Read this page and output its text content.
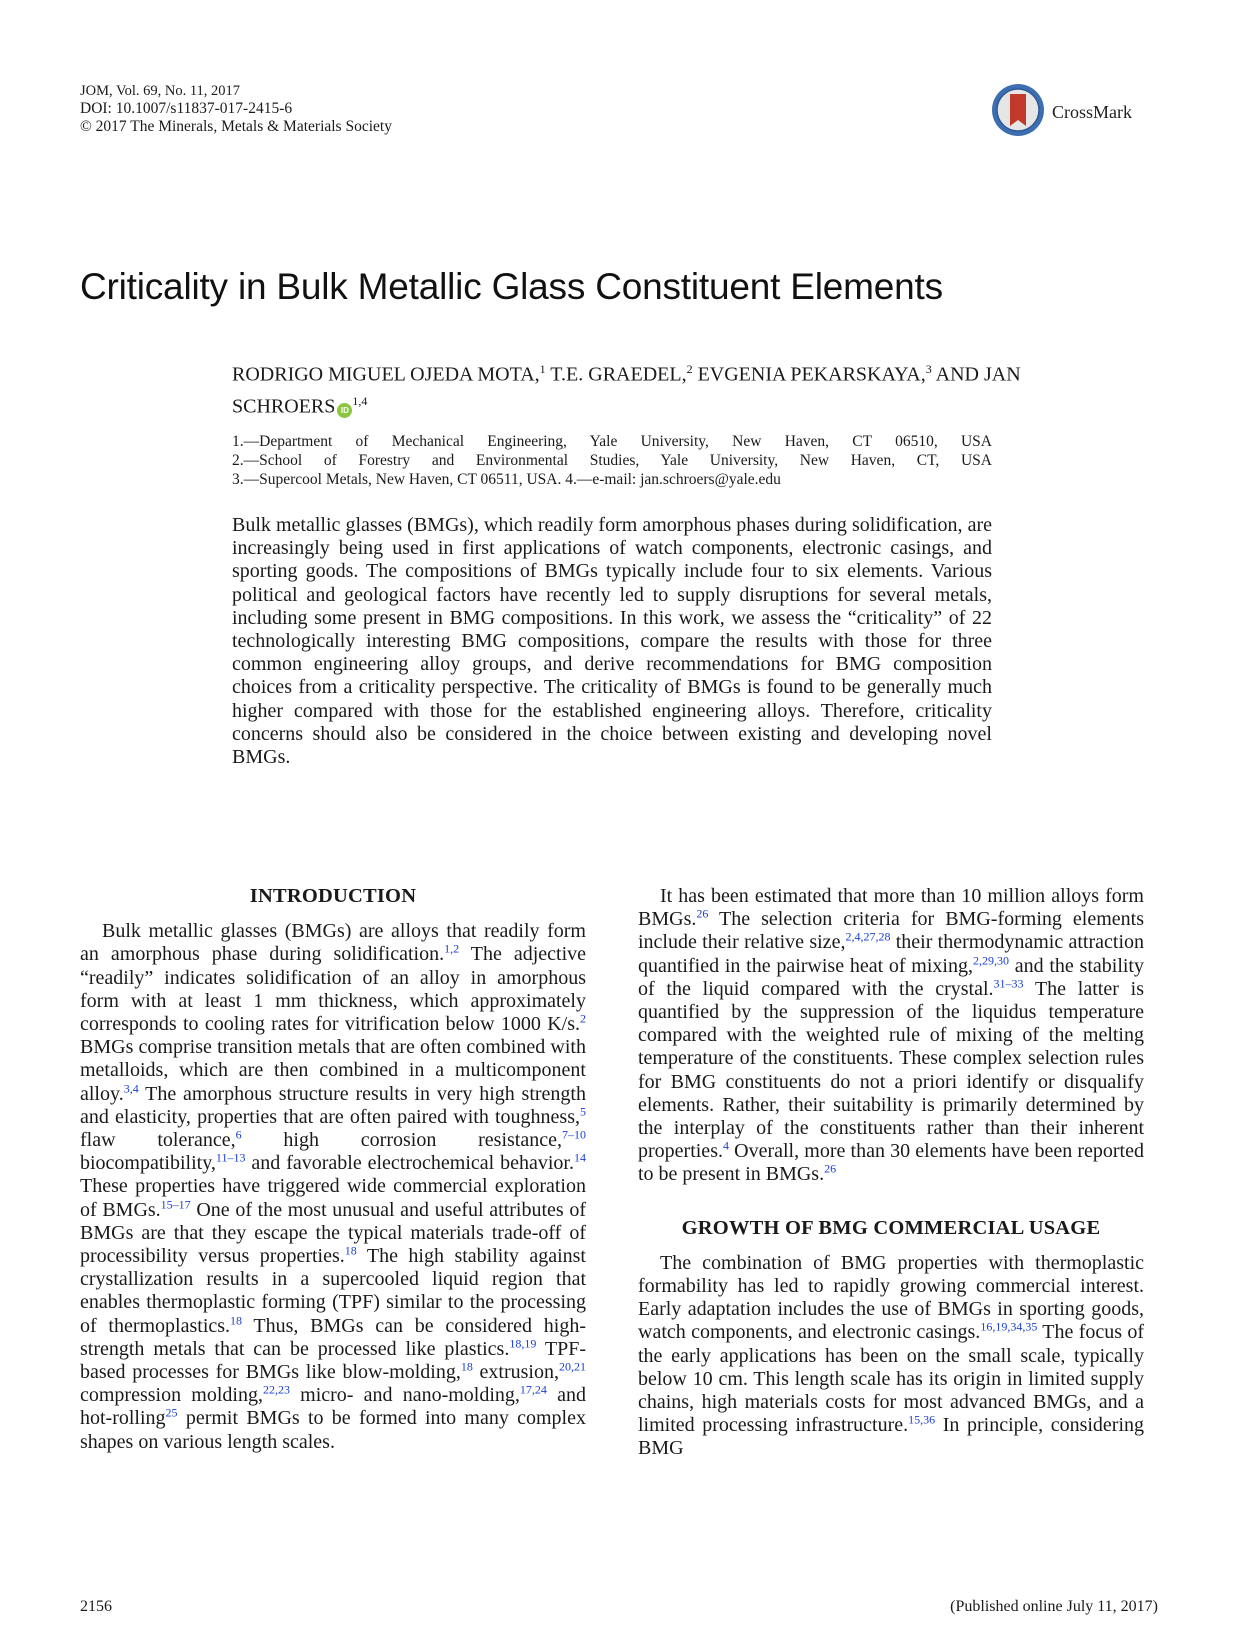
JOM, Vol. 69, No. 11, 2017
DOI: 10.1007/s11837-017-2415-6
© 2017 The Minerals, Metals & Materials Society
CrossMark
Criticality in Bulk Metallic Glass Constituent Elements
RODRIGO MIGUEL OJEDA MOTA,$^1$ T.E. GRAEDEL,$^2$ EVGENIA PEKARSKAYA,$^3$ AND JAN SCHROERS ID$^{1,4}$
1.—Department of Mechanical Engineering, Yale University, New Haven, CT 06510, USA
2.—School of Forestry and Environmental Studies, Yale University, New Haven, CT, USA
3.—Supercool Metals, New Haven, CT 06511, USA. 4.—e-mail: jan.schroers@yale.edu

Bulk metallic glasses (BMGs), which readily form amorphous phases during solidification, are increasingly being used in first applications of watch components, electronic casings, and sporting goods. The compositions of BMGs typically include four to six elements. Various political and geological factors have recently led to supply disruptions for several metals, including some present in BMG compositions. In this work, we assess the “criticality” of 22 technologically interesting BMG compositions, compare the results with those for three common engineering alloy groups, and derive recommendations for BMG composition choices from a criticality perspective. The criticality of BMGs is found to be generally much higher compared with those for the established engineering alloys. Therefore, criticality concerns should also be considered in the choice between existing and developing novel BMGs.

INTRODUCTION

Bulk metallic glasses (BMGs) are alloys that readily form an amorphous phase during solidification.$^{1,2}$ The adjective “readily” indicates solidification of an alloy in amorphous form with at least 1 mm thickness, which approximately corresponds to cooling rates for vitrification below 1000 K/s.$^2$ BMGs comprise transition metals that are often combined with metalloids, which are then combined in a multicomponent alloy.$^{3,4}$ The amorphous structure results in very high strength and elasticity, properties that are often paired with toughness,$^5$ flaw tolerance,$^6$ high corrosion resistance,$^{7-10}$ biocompatibility,$^{11-13}$ and favorable electrochemical behavior.$^{14}$ These properties have triggered wide commercial exploration of BMGs.$^{15-17}$ One of the most unusual and useful attributes of BMGs are that they escape the typical materials trade-off of processibility versus properties.$^{18}$ The high stability against crystallization results in a supercooled liquid region that enables thermoplastic forming (TPF) similar to the processing of thermoplastics.$^{18}$ Thus, BMGs can be considered high-strength metals that can be processed like plastics.$^{18,19}$ TPF-based processes for BMGs like blow-molding,$^{18}$ extrusion,$^{20,21}$ compression molding,$^{22,23}$ micro- and nano-molding,$^{17,24}$ and hot-rolling$^{25}$ permit BMGs to be formed into many complex shapes on various length scales.

It has been estimated that more than 10 million alloys form BMGs.$^{26}$ The selection criteria for BMG-forming elements include their relative size,$^{2,4,27,28}$ their thermodynamic attraction quantified in the pairwise heat of mixing,$^{2,29,30}$ and the stability of the liquid compared with the crystal.$^{31-33}$ The latter is quantified by the suppression of the liquidus temperature compared with the weighted rule of mixing of the melting temperature of the constituents. These complex selection rules for BMG constituents do not a priori identify or disqualify elements. Rather, their suitability is primarily determined by the interplay of the constituents rather than their inherent properties.$^4$ Overall, more than 30 elements have been reported to be present in BMGs.$^{26}$

GROWTH OF BMG COMMERCIAL USAGE

The combination of BMG properties with thermoplastic formability has led to rapidly growing commercial interest. Early adaptation includes the use of BMGs in sporting goods, watch components, and electronic casings.$^{16,19,34,35}$ The focus of the early applications has been on the small scale, typically below 10 cm. This length scale has its origin in limited supply chains, high materials costs for most advanced BMGs, and a limited processing infrastructure.$^{15,36}$ In principle, considering BMG

2156	(Published online July 11, 2017)
